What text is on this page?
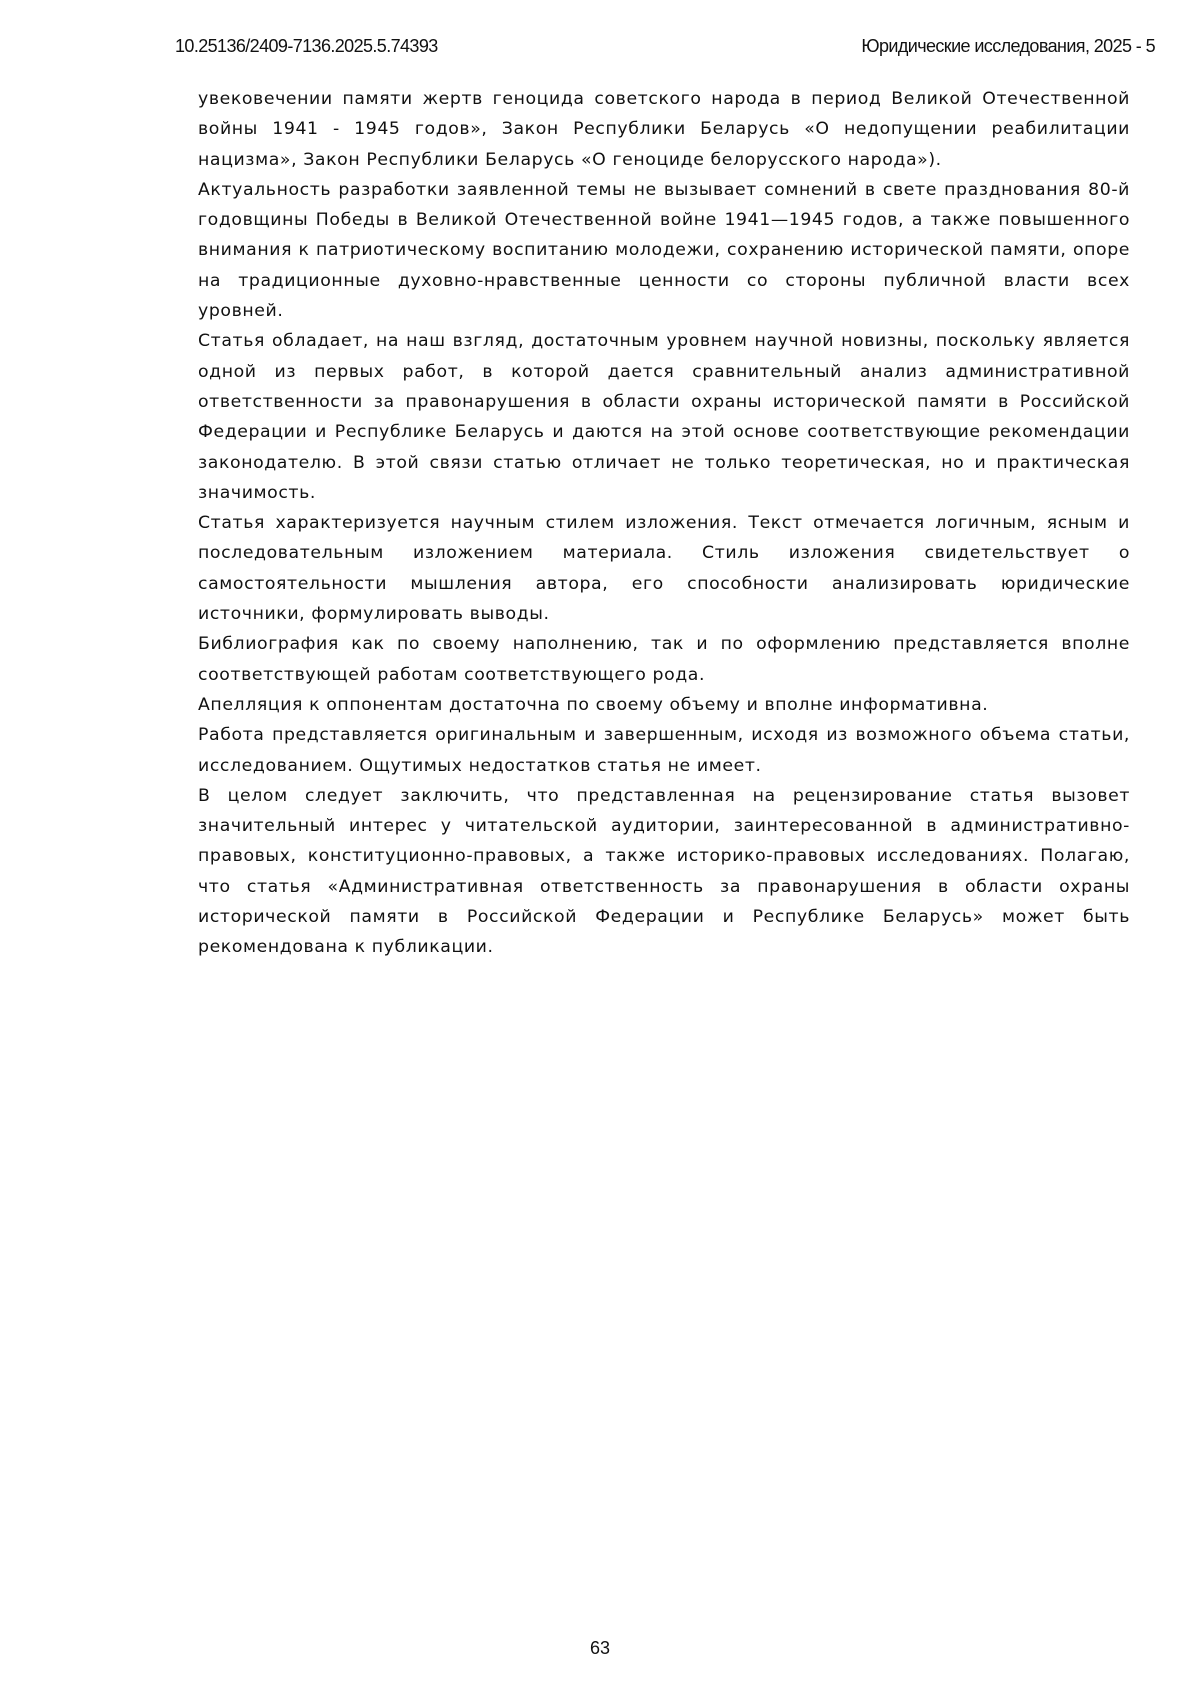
10.25136/2409-7136.2025.5.74393	Юридические исследования, 2025 - 5

увековечении памяти жертв геноцида советского народа в период Великой Отечественной войны 1941 - 1945 годов», Закон Республики Беларусь «О недопущении реабилитации нацизма», Закон Республики Беларусь «О геноциде белорусского народа»).

Актуальность разработки заявленной темы не вызывает сомнений в свете празднования 80-й годовщины Победы в Великой Отечественной войне 1941—1945 годов, а также повышенного внимания к патриотическому воспитанию молодежи, сохранению исторической памяти, опоре на традиционные духовно-нравственные ценности со стороны публичной власти всех уровней.

Статья обладает, на наш взгляд, достаточным уровнем научной новизны, поскольку является одной из первых работ, в которой дается сравнительный анализ административной ответственности за правонарушения в области охраны исторической памяти в Российской Федерации и Республике Беларусь и даются на этой основе соответствующие рекомендации законодателю. В этой связи статью отличает не только теоретическая, но и практическая значимость.

Статья характеризуется научным стилем изложения. Текст отмечается логичным, ясным и последовательным изложением материала. Стиль изложения свидетельствует о самостоятельности мышления автора, его способности анализировать юридические источники, формулировать выводы.

Библиография как по своему наполнению, так и по оформлению представляется вполне соответствующей работам соответствующего рода.

Апелляция к оппонентам достаточна по своему объему и вполне информативна.

Работа представляется оригинальным и завершенным, исходя из возможного объема статьи, исследованием. Ощутимых недостатков статья не имеет.

В целом следует заключить, что представленная на рецензирование статья вызовет значительный интерес у читательской аудитории, заинтересованной в административно-правовых, конституционно-правовых, а также историко-правовых исследованиях. Полагаю, что статья «Административная ответственность за правонарушения в области охраны исторической памяти в Российской Федерации и Республике Беларусь» может быть рекомендована к публикации.

63
